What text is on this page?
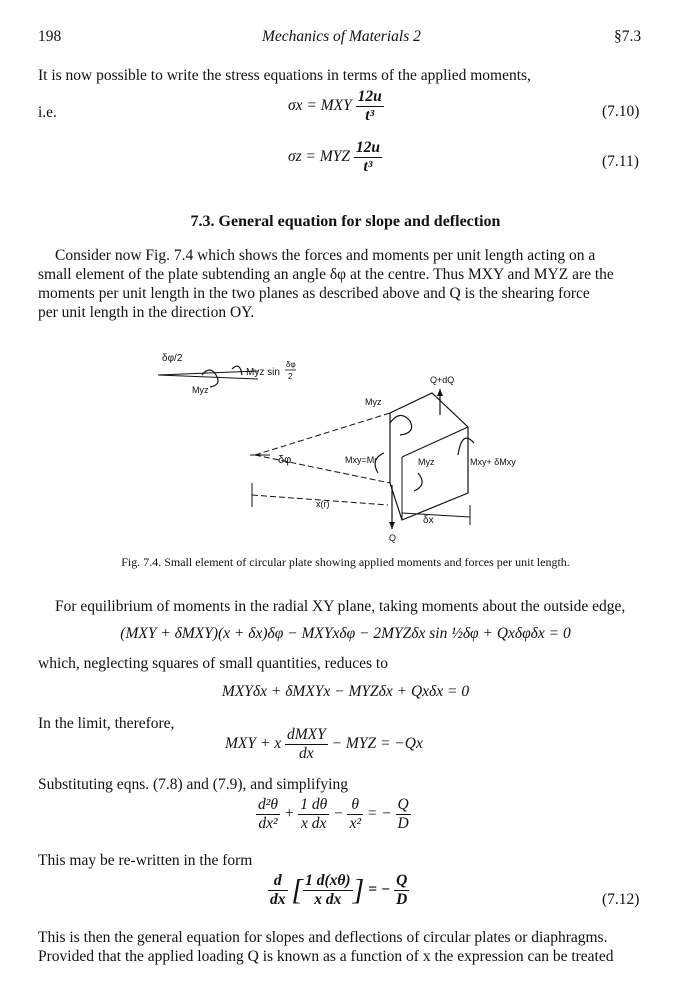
198	Mechanics of Materials 2	§7.3
It is now possible to write the stress equations in terms of the applied moments,
i.e.	σx = MXY $\frac{12u}{\text{t³}}$	(7.10)
σz = MYZ $\frac{12u}{\text{t³}}$	(7.11)
7.3. General equation for slope and deflection
Consider now Fig. 7.4 which shows the forces and moments per unit length acting on a
small element of the plate subtending an angle δφ at the centre. Thus MXY and MYZ are the
moments per unit length in the two planes as described above and Q is the shearing force
per unit length in the direction OY.
δφ/2
Myz
Myz sin
δφ
2
Myz
Q+dQ
Mxy+ δMxy
δφ	Mxy=Mr	Myz
x(r)
δx
Q
Fig. 7.4. Small element of circular plate showing applied moments and forces per unit length.
For equilibrium of moments in the radial XY plane, taking moments about the outside edge,
(MXY + δMXY)(x + δx)δφ − MXYxδφ − 2MYZδx sin ½δφ + Qxδφδx = 0
which, neglecting squares of small quantities, reduces to
MXYδx + δMXYx − MYZδx + Qxδx = 0
In the limit, therefore,
MXY + x $\frac{\text{dMXY}}{dx}$ − MYZ = −Qx
Substituting eqns. (7.8) and (7.9), and simplifying
$\frac{\text{d²θ}}{\text{dx²}} + \frac{1 d\theta}{\text{x dx}} - \frac{\theta}{\text{x²}}$ = − $\frac{Q}{D}$
This may be re-written in the form
$\frac{d}{dx}$ [ $\frac{1 d(x\theta)}{\text{x dx}}$ ] = − $\frac{Q}{D}$	(7.12)
This is then the general equation for slopes and deflections of circular plates or diaphragms.
Provided that the applied loading Q is known as a function of x the expression can be treated
